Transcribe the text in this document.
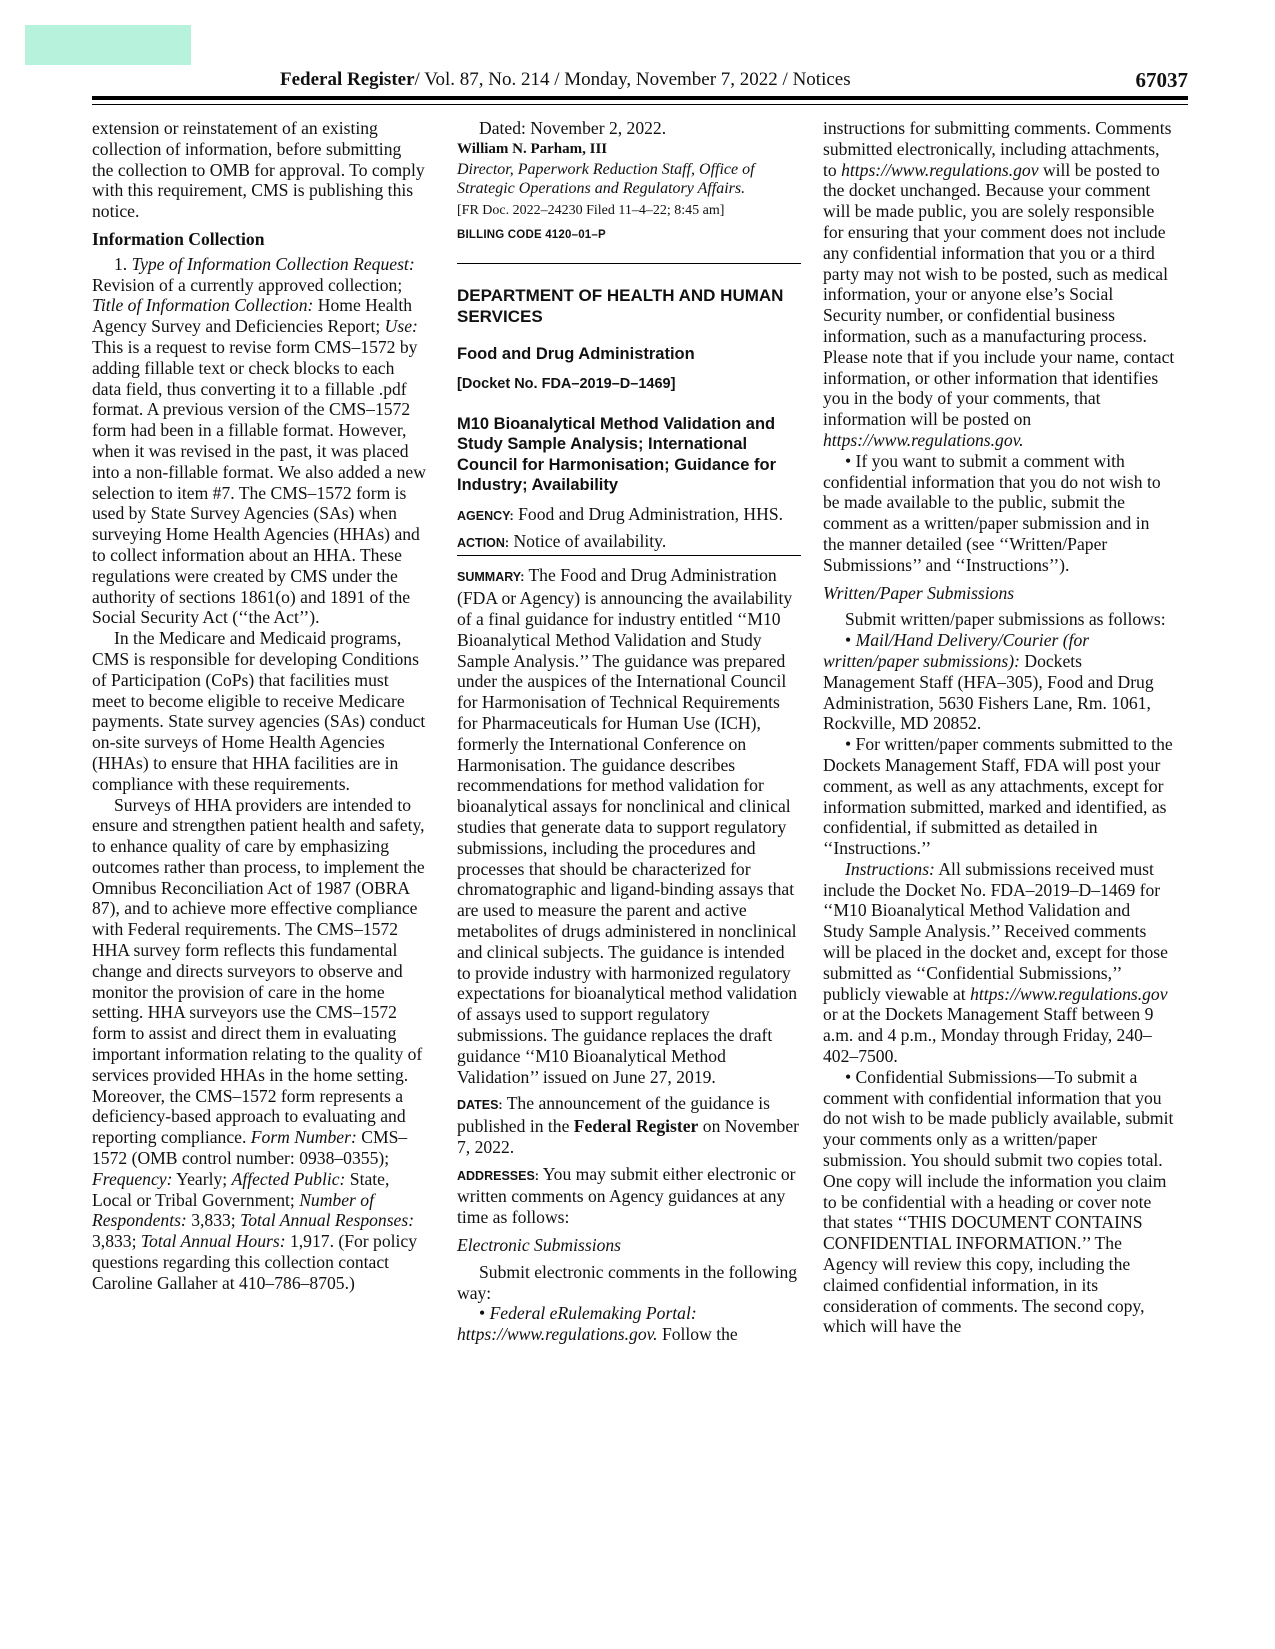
Federal Register/ Vol. 87, No. 214 / Monday, November 7, 2022 / Notices	67037

extension or reinstatement of an existing collection of information, before submitting the collection to OMB for approval. To comply with this requirement, CMS is publishing this notice.

Information Collection

1. Type of Information Collection Request: Revision of a currently approved collection; Title of Information Collection: Home Health Agency Survey and Deficiencies Report; Use: This is a request to revise form CMS–1572 by adding fillable text or check blocks to each data field, thus converting it to a fillable .pdf format. A previous version of the CMS–1572 form had been in a fillable format. However, when it was revised in the past, it was placed into a non-fillable format. We also added a new selection to item #7. The CMS–1572 form is used by State Survey Agencies (SAs) when surveying Home Health Agencies (HHAs) and to collect information about an HHA. These regulations were created by CMS under the authority of sections 1861(o) and 1891 of the Social Security Act (‘‘the Act’’).

In the Medicare and Medicaid programs, CMS is responsible for developing Conditions of Participation (CoPs) that facilities must meet to become eligible to receive Medicare payments. State survey agencies (SAs) conduct on-site surveys of Home Health Agencies (HHAs) to ensure that HHA facilities are in compliance with these requirements.

Surveys of HHA providers are intended to ensure and strengthen patient health and safety, to enhance quality of care by emphasizing outcomes rather than process, to implement the Omnibus Reconciliation Act of 1987 (OBRA 87), and to achieve more effective compliance with Federal requirements. The CMS–1572 HHA survey form reflects this fundamental change and directs surveyors to observe and monitor the provision of care in the home setting. HHA surveyors use the CMS–1572 form to assist and direct them in evaluating important information relating to the quality of services provided HHAs in the home setting. Moreover, the CMS–1572 form represents a deficiency-based approach to evaluating and reporting compliance. Form Number: CMS–1572 (OMB control number: 0938–0355); Frequency: Yearly; Affected Public: State, Local or Tribal Government; Number of Respondents: 3,833; Total Annual Responses: 3,833; Total Annual Hours: 1,917. (For policy questions regarding this collection contact Caroline Gallaher at 410–786–8705.)

Dated: November 2, 2022.

William N. Parham, III

Director, Paperwork Reduction Staff, Office of Strategic Operations and Regulatory Affairs.

[FR Doc. 2022–24230 Filed 11–4–22; 8:45 am]

BILLING CODE 4120–01–P

DEPARTMENT OF HEALTH AND HUMAN SERVICES

Food and Drug Administration

[Docket No. FDA–2019–D–1469]

M10 Bioanalytical Method Validation and Study Sample Analysis; International Council for Harmonisation; Guidance for Industry; Availability

AGENCY: Food and Drug Administration, HHS.

ACTION: Notice of availability.

SUMMARY: The Food and Drug Administration (FDA or Agency) is announcing the availability of a final guidance for industry entitled ‘‘M10 Bioanalytical Method Validation and Study Sample Analysis.’’ The guidance was prepared under the auspices of the International Council for Harmonisation of Technical Requirements for Pharmaceuticals for Human Use (ICH), formerly the International Conference on Harmonisation. The guidance describes recommendations for method validation for bioanalytical assays for nonclinical and clinical studies that generate data to support regulatory submissions, including the procedures and processes that should be characterized for chromatographic and ligand-binding assays that are used to measure the parent and active metabolites of drugs administered in nonclinical and clinical subjects. The guidance is intended to provide industry with harmonized regulatory expectations for bioanalytical method validation of assays used to support regulatory submissions. The guidance replaces the draft guidance ‘‘M10 Bioanalytical Method Validation’’ issued on June 27, 2019.

DATES: The announcement of the guidance is published in the Federal Register on November 7, 2022.

ADDRESSES: You may submit either electronic or written comments on Agency guidances at any time as follows:

Electronic Submissions

Submit electronic comments in the following way:

• Federal eRulemaking Portal: https://www.regulations.gov. Follow the

instructions for submitting comments. Comments submitted electronically, including attachments, to https://www.regulations.gov will be posted to the docket unchanged. Because your comment will be made public, you are solely responsible for ensuring that your comment does not include any confidential information that you or a third party may not wish to be posted, such as medical information, your or anyone else’s Social Security number, or confidential business information, such as a manufacturing process. Please note that if you include your name, contact information, or other information that identifies you in the body of your comments, that information will be posted on https://www.regulations.gov.

• If you want to submit a comment with confidential information that you do not wish to be made available to the public, submit the comment as a written/paper submission and in the manner detailed (see ‘‘Written/Paper Submissions’’ and ‘‘Instructions’’).

Written/Paper Submissions

Submit written/paper submissions as follows:

• Mail/Hand Delivery/Courier (for written/paper submissions): Dockets Management Staff (HFA–305), Food and Drug Administration, 5630 Fishers Lane, Rm. 1061, Rockville, MD 20852.

• For written/paper comments submitted to the Dockets Management Staff, FDA will post your comment, as well as any attachments, except for information submitted, marked and identified, as confidential, if submitted as detailed in ‘‘Instructions.’’

Instructions: All submissions received must include the Docket No. FDA–2019–D–1469 for ‘‘M10 Bioanalytical Method Validation and Study Sample Analysis.’’ Received comments will be placed in the docket and, except for those submitted as ‘‘Confidential Submissions,’’ publicly viewable at https://www.regulations.gov or at the Dockets Management Staff between 9 a.m. and 4 p.m., Monday through Friday, 240–402–7500.

• Confidential Submissions—To submit a comment with confidential information that you do not wish to be made publicly available, submit your comments only as a written/paper submission. You should submit two copies total. One copy will include the information you claim to be confidential with a heading or cover note that states ‘‘THIS DOCUMENT CONTAINS CONFIDENTIAL INFORMATION.’’ The Agency will review this copy, including the claimed confidential information, in its consideration of comments. The second copy, which will have the
